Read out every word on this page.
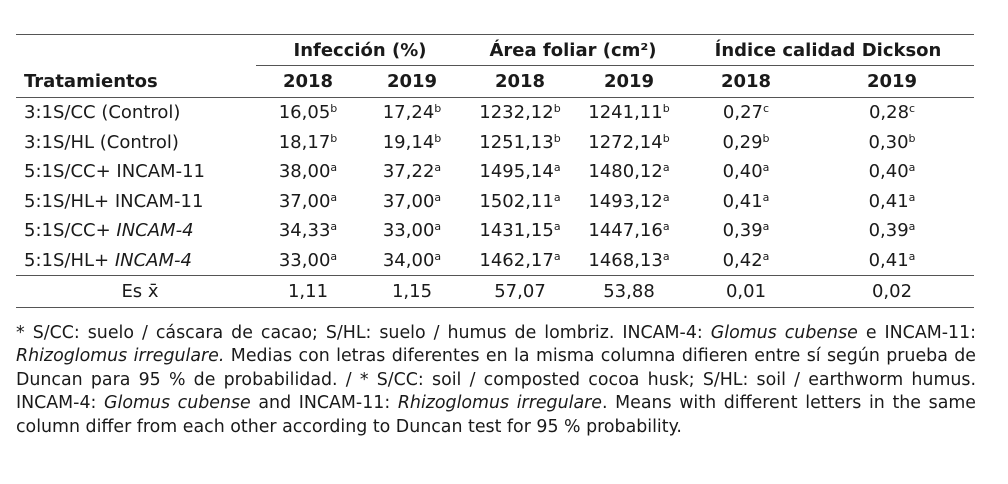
	Infección (%)		Área foliar (cm²)		Índice calidad Dickson	
Tratamientos	2018	2019	2018	2019	2018	2019
3:1S/CC (Control)	16,05$^b$	17,24$^b$	1232,12$^b$	1241,11$^b$	0,27$^c$	0,28$^c$
3:1S/HL (Control)	18,17$^b$	19,14$^b$	1251,13$^b$	1272,14$^b$	0,29$^b$	0,30$^b$
5:1S/CC+ INCAM-11	38,00$^a$	37,22$^a$	1495,14$^a$	1480,12$^a$	0,40$^a$	0,40$^a$
5:1S/HL+ INCAM-11	37,00$^a$	37,00$^a$	1502,11$^a$	1493,12$^a$	0,41$^a$	0,41$^a$
5:1S/CC+ INCAM-4	34,33$^a$	33,00$^a$	1431,15$^a$	1447,16$^a$	0,39$^a$	0,39$^a$
5:1S/HL+ INCAM-4	33,00$^a$	34,00$^a$	1462,17$^a$	1468,13$^a$	0,42$^a$	0,41$^a$
Es x̄	1,11	1,15	57,07	53,88	0,01	0,02
* S/CC: suelo / cáscara de cacao; S/HL: suelo / humus de lombriz. INCAM-4: Glomus cubense e INCAM-11: Rhizoglomus irregulare. Medias con letras diferentes en la misma columna difieren entre sí según prueba de Duncan para 95 % de probabilidad. / * S/CC: soil / composted cocoa husk; S/HL: soil / earthworm humus. INCAM-4: Glomus cubense and INCAM-11: Rhizoglomus irregulare. Means with different letters in the same column differ from each other according to Duncan test for 95 % probability.
